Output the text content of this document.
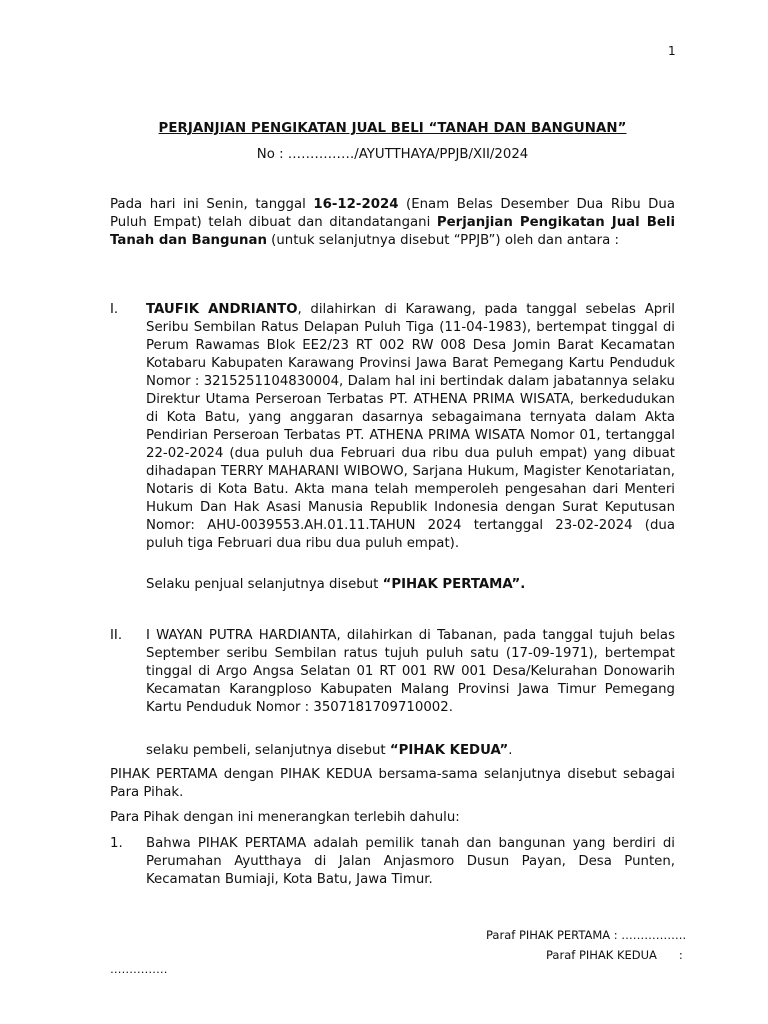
1
PERJANJIAN PENGIKATAN JUAL BELI “TANAH DAN BANGUNAN”
No : ……………/AYUTTHAYA/PPJB/XII/2024

Pada hari ini Senin, tanggal 16-12-2024 (Enam Belas Desember Dua Ribu Dua Puluh Empat) telah dibuat dan ditandatangani Perjanjian Pengikatan Jual Beli Tanah dan Bangunan (untuk selanjutnya disebut “PPJB”) oleh dan antara :

I.	TAUFIK ANDRIANTO, dilahirkan di Karawang, pada tanggal sebelas April Seribu Sembilan Ratus Delapan Puluh Tiga (11-04-1983), bertempat tinggal di Perum Rawamas Blok EE2/23 RT 002 RW 008 Desa Jomin Barat Kecamatan Kotabaru Kabupaten Karawang Provinsi Jawa Barat Pemegang Kartu Penduduk Nomor : 3215251104830004, Dalam hal ini bertindak dalam jabatannya selaku Direktur Utama Perseroan Terbatas PT. ATHENA PRIMA WISATA, berkedudukan di Kota Batu, yang anggaran dasarnya sebagaimana ternyata dalam Akta Pendirian Perseroan Terbatas PT. ATHENA PRIMA WISATA Nomor 01, tertanggal 22-02-2024 (dua puluh dua Februari dua ribu dua puluh empat) yang dibuat dihadapan TERRY MAHARANI WIBOWO, Sarjana Hukum, Magister Kenotariatan, Notaris di Kota Batu. Akta mana telah memperoleh pengesahan dari Menteri Hukum Dan Hak Asasi Manusia Republik Indonesia dengan Surat Keputusan Nomor: AHU-0039553.AH.01.11.TAHUN 2024 tertanggal 23-02-2024 (dua puluh tiga Februari dua ribu dua puluh empat).

Selaku penjual selanjutnya disebut “PIHAK PERTAMA”.

II.	I WAYAN PUTRA HARDIANTA, dilahirkan di Tabanan, pada tanggal tujuh belas September seribu Sembilan ratus tujuh puluh satu (17-09-1971), bertempat tinggal di Argo Angsa Selatan 01 RT 001 RW 001 Desa/Kelurahan Donowarih Kecamatan Karangploso Kabupaten Malang Provinsi Jawa Timur Pemegang Kartu Penduduk Nomor : 3507181709710002.

selaku pembeli, selanjutnya disebut “PIHAK KEDUA”.

PIHAK PERTAMA dengan PIHAK KEDUA bersama-sama selanjutnya disebut sebagai Para Pihak.

Para Pihak dengan ini menerangkan terlebih dahulu:

1.	Bahwa PIHAK PERTAMA adalah pemilik tanah dan bangunan yang berdiri di Perumahan Ayutthaya di Jalan Anjasmoro Dusun Payan, Desa Punten, Kecamatan Bumiaji, Kota Batu, Jawa Timur.

Paraf PIHAK PERTAMA : ……………..
Paraf PIHAK KEDUA      :
……………
